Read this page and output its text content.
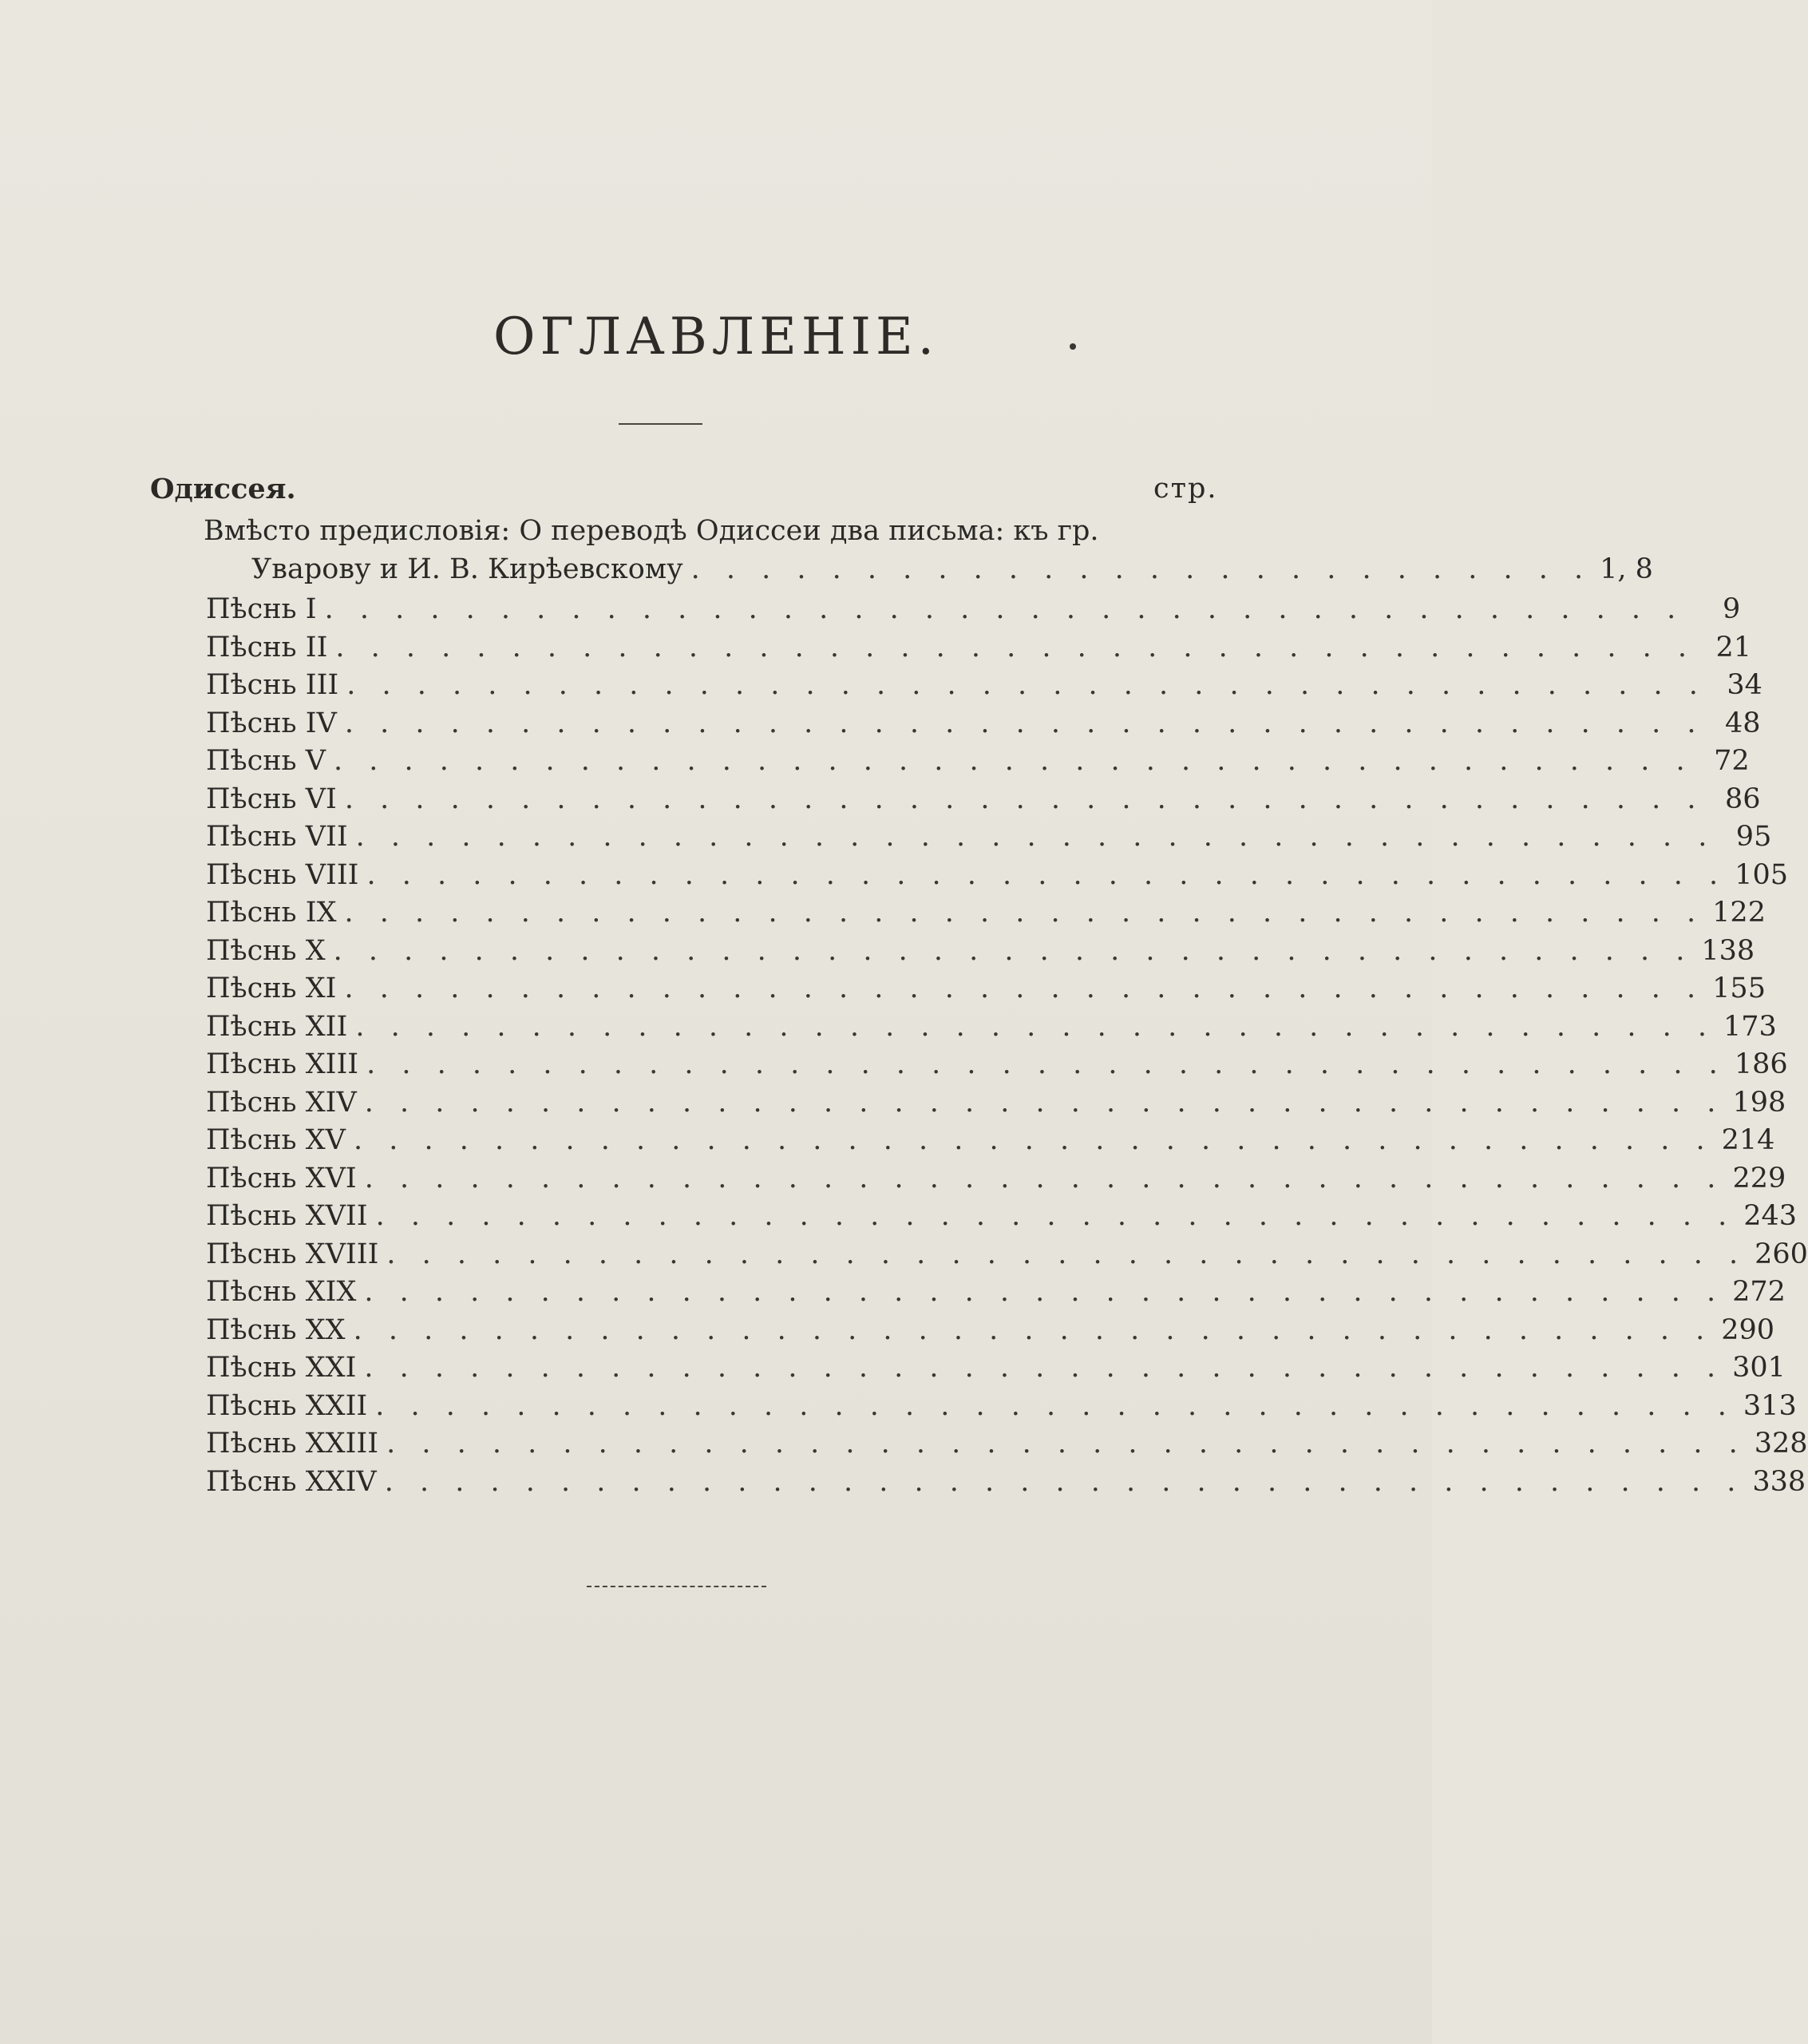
ОГЛАВЛЕНІЕ.
Одиссея.	стр.
Вмѣсто предисловія: О переводѣ Одиссеи два письма: къ гр.
Уварову и И. В. Кирѣевскому . . . . . . . . . . . . . . . . . . . . . . . . . . 1, 8
Пѣснь I . . . . . . . . . . . . . . . . . . . . . . . . . . . . . . . . . . . . . . .	9
Пѣснь II . . . . . . . . . . . . . . . . . . . . . . . . . . . . . . . . . . . . . . . 21
Пѣснь III . . . . . . . . . . . . . . . . . . . . . . . . . . . . . . . . . . . . . . . 34
Пѣснь IV . . . . . . . . . . . . . . . . . . . . . . . . . . . . . . . . . . . . . . . 48
Пѣснь V . . . . . . . . . . . . . . . . . . . . . . . . . . . . . . . . . . . . . . . 72
Пѣснь VI . . . . . . . . . . . . . . . . . . . . . . . . . . . . . . . . . . . . . . . 86
Пѣснь VII . . . . . . . . . . . . . . . . . . . . . . . . . . . . . . . . . . . . . . . 95
Пѣснь VIII . . . . . . . . . . . . . . . . . . . . . . . . . . . . . . . . . . . . . . . 105
Пѣснь IX . . . . . . . . . . . . . . . . . . . . . . . . . . . . . . . . . . . . . . . 122
Пѣснь X . . . . . . . . . . . . . . . . . . . . . . . . . . . . . . . . . . . . . . . 138
Пѣснь XI . . . . . . . . . . . . . . . . . . . . . . . . . . . . . . . . . . . . . . . 155
Пѣснь XII . . . . . . . . . . . . . . . . . . . . . . . . . . . . . . . . . . . . . . . 173
Пѣснь XIII . . . . . . . . . . . . . . . . . . . . . . . . . . . . . . . . . . . . . . . 186
Пѣснь XIV . . . . . . . . . . . . . . . . . . . . . . . . . . . . . . . . . . . . . . . 198
Пѣснь XV . . . . . . . . . . . . . . . . . . . . . . . . . . . . . . . . . . . . . . . 214
Пѣснь XVI . . . . . . . . . . . . . . . . . . . . . . . . . . . . . . . . . . . . . . . 229
Пѣснь XVII . . . . . . . . . . . . . . . . . . . . . . . . . . . . . . . . . . . . . . . 243
Пѣснь XVIII . . . . . . . . . . . . . . . . . . . . . . . . . . . . . . . . . . . . . . . 260
Пѣснь XIX . . . . . . . . . . . . . . . . . . . . . . . . . . . . . . . . . . . . . . . 272
Пѣснь XX . . . . . . . . . . . . . . . . . . . . . . . . . . . . . . . . . . . . . . . 290
Пѣснь XXI . . . . . . . . . . . . . . . . . . . . . . . . . . . . . . . . . . . . . . . 301
Пѣснь XXII . . . . . . . . . . . . . . . . . . . . . . . . . . . . . . . . . . . . . . . 313
Пѣснь XXIII . . . . . . . . . . . . . . . . . . . . . . . . . . . . . . . . . . . . . . . 328
Пѣснь XXIV . . . . . . . . . . . . . . . . . . . . . . . . . . . . . . . . . . . . . . . 338
